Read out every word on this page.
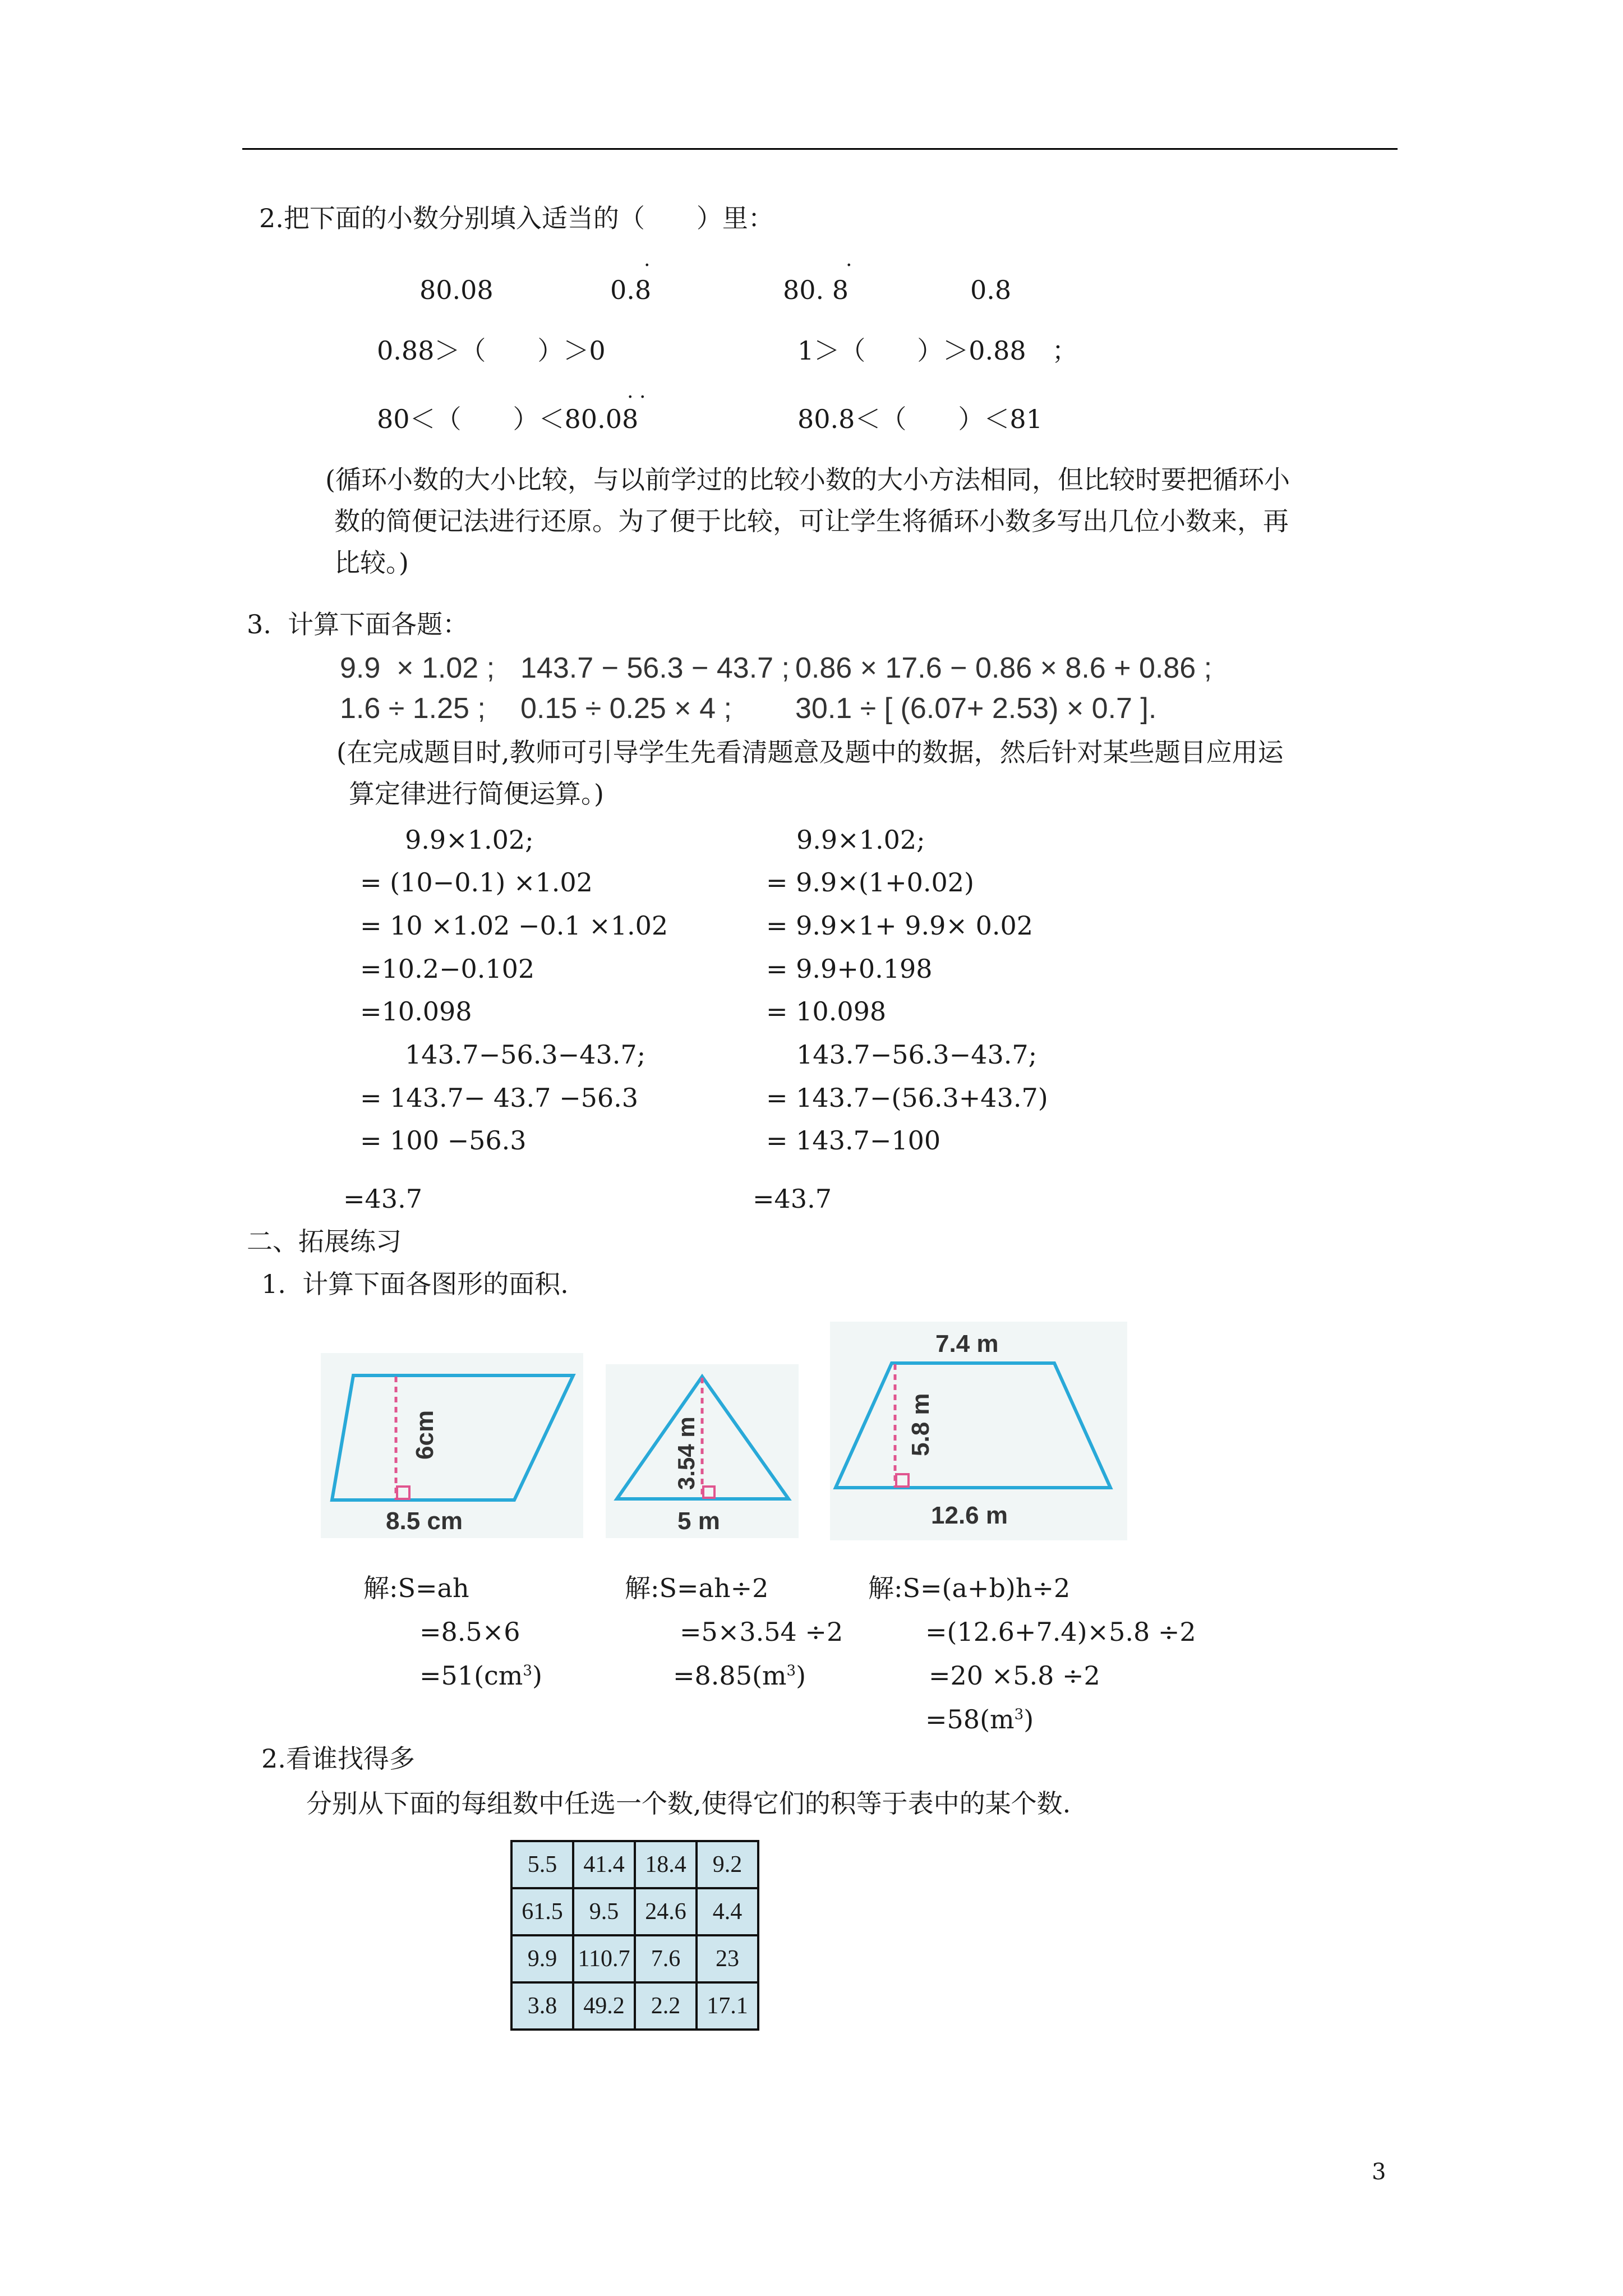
2.把下面的小数分别填入适当的（　　）里：
.	.
80.08	0.8	80. 8	0.8
0.88＞（　　）＞0	1＞（　　）＞0.88　；
. .
80＜（　　）＜80.08	80.8＜（　　）＜81
(循环小数的大小比较，与以前学过的比较小数的大小方法相同，但比较时要把循环小
数的简便记法进行还原。为了便于比较，可让学生将循环小数多写出几位小数来，再
比较。)
3.  计算下面各题：
9.9  × 1.02 ; 143.7 − 56.3 − 43.7 ; 0.86 × 17.6 − 0.86 × 8.6 + 0.86 ;
1.6 ÷ 1.25 ; 0.15 ÷ 0.25 × 4 ; 30.1 ÷ [ (6.07+ 2.53) × 0.7 ].
(在完成题目时,教师可引导学生先看清题意及题中的数据，然后针对某些题目应用运
算定律进行简便运算。)
9.9×1.02;
= (10−0.1) ×1.02
= 10 ×1.02 −0.1 ×1.02
=10.2−0.102
=10.098
143.7−56.3−43.7;
= 143.7− 43.7 −56.3
= 100 −56.3
=43.7
9.9×1.02;
= 9.9×(1+0.02)
= 9.9×1+ 9.9× 0.02
= 9.9+0.198
= 10.098
143.7−56.3−43.7;
= 143.7−(56.3+43.7)
= 143.7−100
=43.7
二、拓展练习
1.  计算下面各图形的面积.
6cm
8.5 cm
3.54 m
5 m
7.4 m
5.8 m
12.6 m
解:S=ah
=8.5×6
$=51(cm^3)$
解:S=ah÷2
=5×3.54 ÷2
$=8.85(m^3)$
解:S=(a+b)h÷2
=(12.6+7.4)×5.8 ÷2
=20 ×5.8 ÷2
$=58(m^3)$
2.看谁找得多
分别从下面的每组数中任选一个数,使得它们的积等于表中的某个数.
5.5	41.4	18.4	9.2
61.5	9.5	24.6	4.4
9.9	110.7	7.6	23
3.8	49.2	2.2	17.1
3
